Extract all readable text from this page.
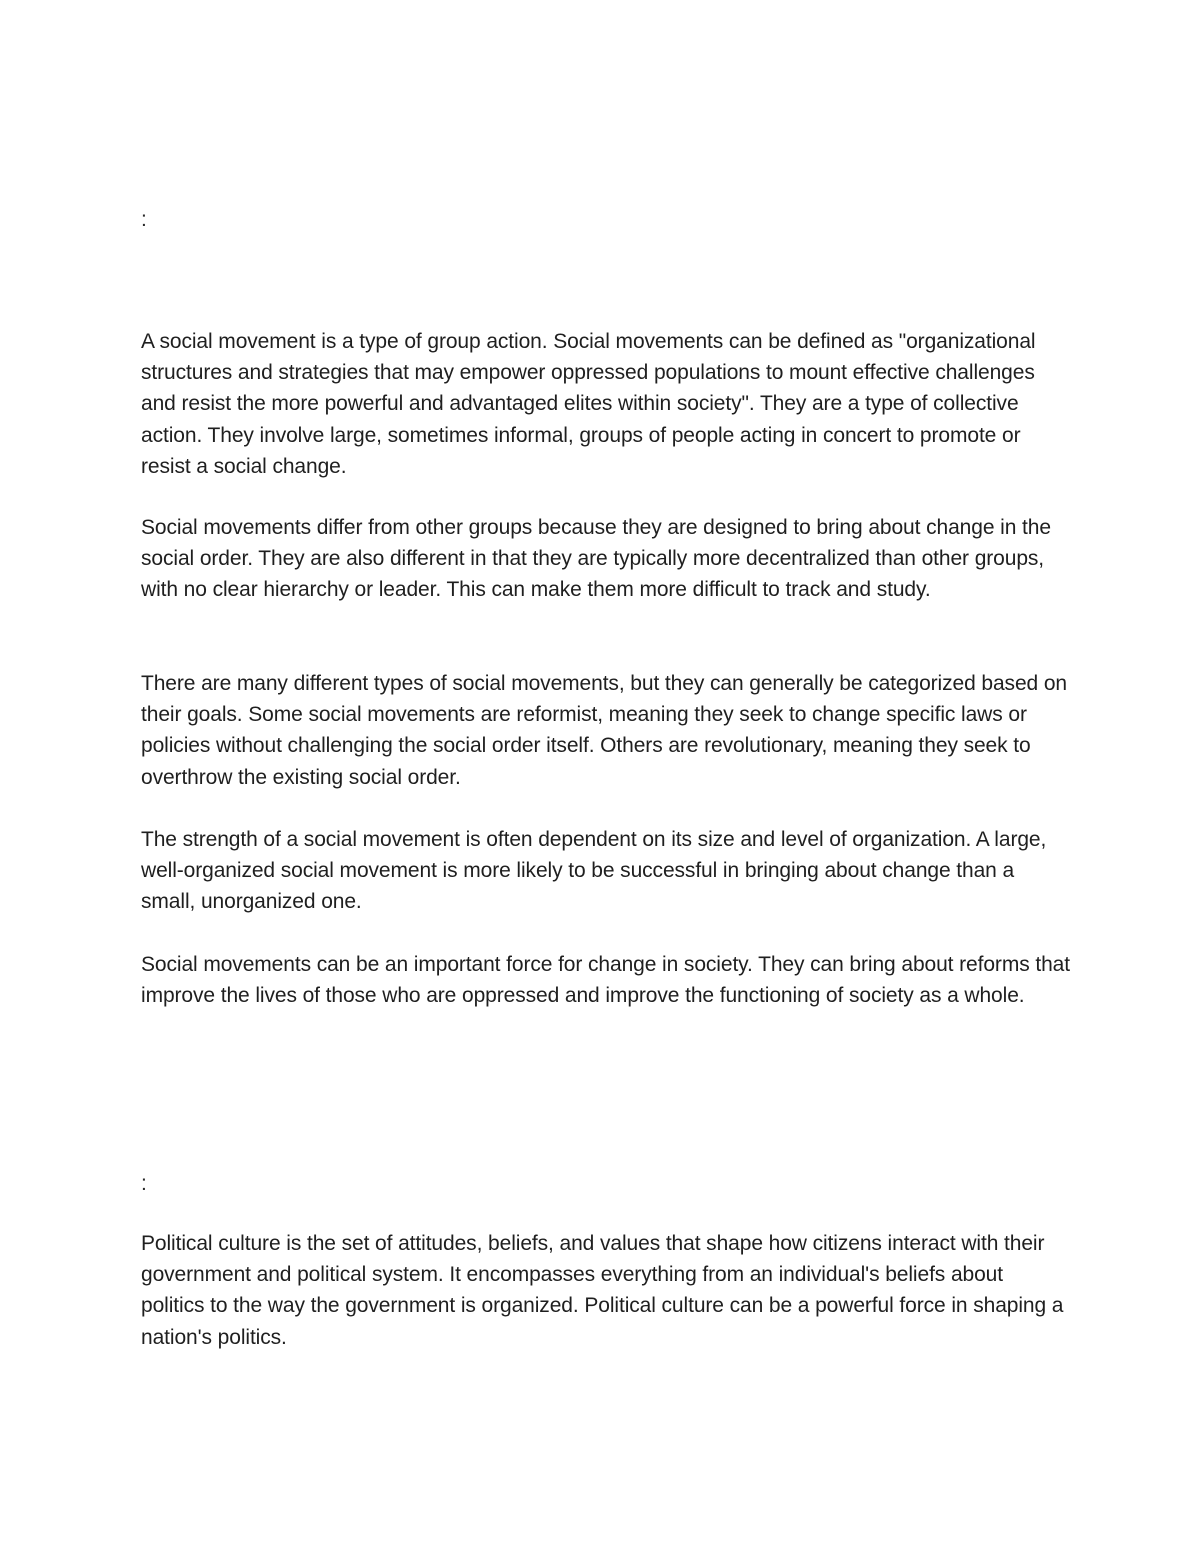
:

A social movement is a type of group action. Social movements can be defined as "organizational structures and strategies that may empower oppressed populations to mount effective challenges and resist the more powerful and advantaged elites within society". They are a type of collective action. They involve large, sometimes informal, groups of people acting in concert to promote or resist a social change.

Social movements differ from other groups because they are designed to bring about change in the social order. They are also different in that they are typically more decentralized than other groups, with no clear hierarchy or leader. This can make them more difficult to track and study.

There are many different types of social movements, but they can generally be categorized based on their goals. Some social movements are reformist, meaning they seek to change specific laws or policies without challenging the social order itself. Others are revolutionary, meaning they seek to overthrow the existing social order.

The strength of a social movement is often dependent on its size and level of organization. A large, well-organized social movement is more likely to be successful in bringing about change than a small, unorganized one.

Social movements can be an important force for change in society. They can bring about reforms that improve the lives of those who are oppressed and improve the functioning of society as a whole.

:

Political culture is the set of attitudes, beliefs, and values that shape how citizens interact with their government and political system. It encompasses everything from an individual's beliefs about politics to the way the government is organized. Political culture can be a powerful force in shaping a nation's politics.
